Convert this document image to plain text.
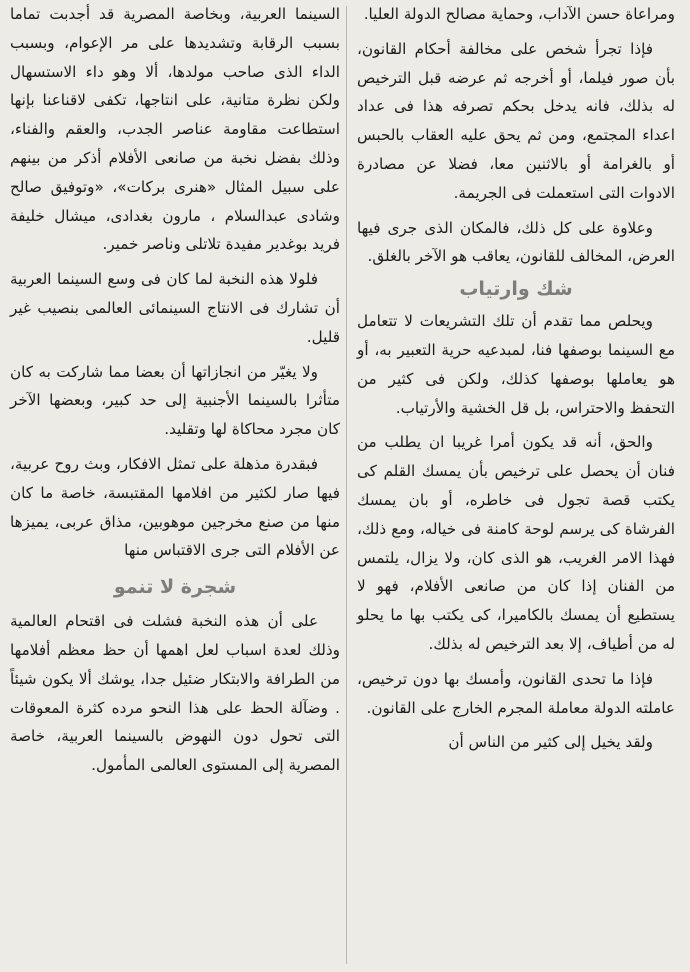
ومراعاة حسن الآداب، وحماية مصالح الدولة العليا.

فإذا تجرأ شخص على مخالفة أحكام القانون، بأن صور فيلما، أو أخرجه ثم عرضه قبل الترخيص له بذلك، فانه يدخل بحكم تصرفه هذا فى عداد اعداء المجتمع، ومن ثم يحق عليه العقاب بالحبس أو بالغرامة أو بالاثنين معا، فضلا عن مصادرة الادوات التى استعملت فى الجريمة.

وعلاوة على كل ذلك، فالمكان الذى جرى فيها العرض، المخالف للقانون، يعاقب هو الآخر بالغلق.

شك وارتياب

ويحلص مما تقدم أن تلك التشريعات لا تتعامل مع السينما بوصفها فنا، لمبدعيه حرية التعبير به، أو هو يعاملها بوصفها كذلك، ولكن فى كثير من التحفظ والاحتراس، بل قل الخشية والأرتياب.

والحق، أنه قد يكون أمرا غريبا ان يطلب من فنان أن يحصل على ترخيص بأن يمسك القلم كى يكتب قصة تجول فى خاطره، أو بان يمسك الفرشاة كى يرسم لوحة كامنة فى خياله، ومع ذلك، فهذا الامر الغريب، هو الذى كان، ولا يزال، يلتمس من الفنان إذا كان من صانعى الأفلام، فهو لا يستطيع أن يمسك بالكاميرا، كى يكتب بها ما يحلو له من أطياف، إلا بعد الترخيص له بذلك.

فإذا ما تحدى القانون، وأمسك بها دون ترخيص، عاملته الدولة معاملة المجرم الخارج على القانون.

ولقد يخيل إلى كثير من الناس أن

السينما العربية، وبخاصة المصرية قد أجدبت تماما بسبب الرقابة وتشديدها على مر الإعوام، وبسبب الداء الذى صاحب مولدها، ألا وهو داء الاستسهال ولكن نظرة متانية، على انتاجها، تكفى لاقناعنا بإنها استطاعت مقاومة عناصر الجدب، والعقم والفناء، وذلك بفضل نخبة من صانعى الأفلام أذكر من بينهم على سبيل المثال «هنرى بركات»، «وتوفيق صالح وشادى عبدالسلام ، مارون بغدادى، ميشال خليفة فريد بوغدير مفيدة تلاتلى وناصر خمير.

فلولا هذه النخبة لما كان فى وسع السينما العربية أن تشارك فى الانتاج السينمائى العالمى بنصيب غير قليل.

ولا يغيّر من انجازاتها أن بعضا مما شاركت به كان متأثرا بالسينما الأجنبية إلى حد كبير، وبعضها الآخر كان مجرد محاكاة لها وتقليد.

فبقدرة مذهلة على تمثل الافكار، وبث روح عربية، فيها صار لكثير من افلامها المقتبسة، خاصة ما كان منها من صنع مخرجين موهوبين، مذاق عربى، يميزها عن الأفلام التى جرى الاقتباس منها

شجرة لا تنمو

على أن هذه النخبة فشلت فى اقتحام العالمية وذلك لعدة اسباب لعل اهمها أن حظ معظم أفلامها من الطرافة والابتكار ضئيل جدا، يوشك ألا يكون شيئاً . وضآلة الحظ على هذا النحو مرده كثرة المعوقات التى تحول دون النهوض بالسينما العربية، خاصة المصرية إلى المستوى العالمى المأمول.
